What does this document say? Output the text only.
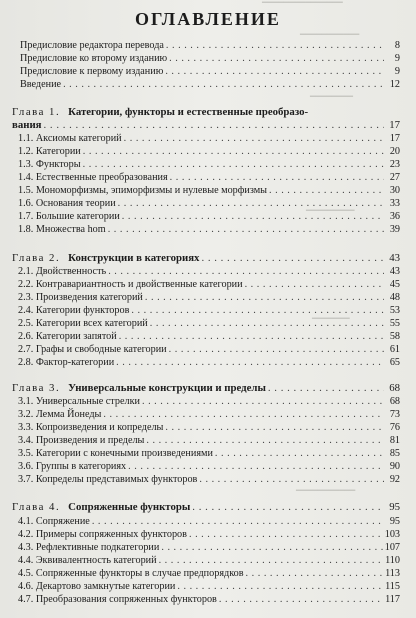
▔▔▔▔▔▔▔▔▔▔▔▔▔▔▔
▔▔▔▔▔▔▔▔▔▔▔
▔▔▔▔▔▔▔▔
▔▔▔▔▔▔▔▔▔
▔▔▔▔▔▔▔
▔▔▔▔▔▔▔▔▔▔▔
ОГЛАВЛЕНИЕ
Предисловие редактора перевода . . .	8
Предисловие ко второму изданию . . .	9
Предисловие к первому изданию . . .	9
Введение . . .	12
Глава 1. Категории, функторы и естественные преобразо-
вания . . .	17
1.1. Аксиомы категорий . . .	17
1.2. Категории . . .	20
1.3. Функторы . . .	23
1.4. Естественные преобразования . . .	27
1.5. Мономорфизмы, эпиморфизмы и нулевые морфизмы . . .	30
1.6. Основания теории . . .	33
1.7. Большие категории . . .	36
1.8. Множества hom . . .	39
Глава 2. Конструкции в категориях . . .	43
2.1. Двойственность . . .	43
2.2. Контравариантность и двойственные категории . . .	45
2.3. Произведения категорий . . .	48
2.4. Категории функторов . . .	53
2.5. Категории всех категорий . . .	55
2.6. Категории запятой . . .	58
2.7. Графы и свободные категории . . .	61
2.8. Фактор-категории . . .	65
Глава 3. Универсальные конструкции и пределы . . .	68
3.1. Универсальные стрелки . . .	68
3.2. Лемма Йонеды . . .	73
3.3. Копроизведения и копределы . . .	76
3.4. Произведения и пределы . . .	81
3.5. Категории с конечными произведениями . . .	85
3.6. Группы в категориях . . .	90
3.7. Копределы представимых функторов . . .	92
Глава 4. Сопряженные функторы . . .	95
4.1. Сопряжение . . .	95
4.2. Примеры сопряженных функторов . . .	103
4.3. Рефлективные подкатегории . . .	107
4.4. Эквивалентность категорий . . .	110
4.5. Сопряженные функторы в случае предпорядков . . .	113
4.6. Декартово замкнутые категории . . .	115
4.7. Преобразования сопряженных функторов . . .	117
